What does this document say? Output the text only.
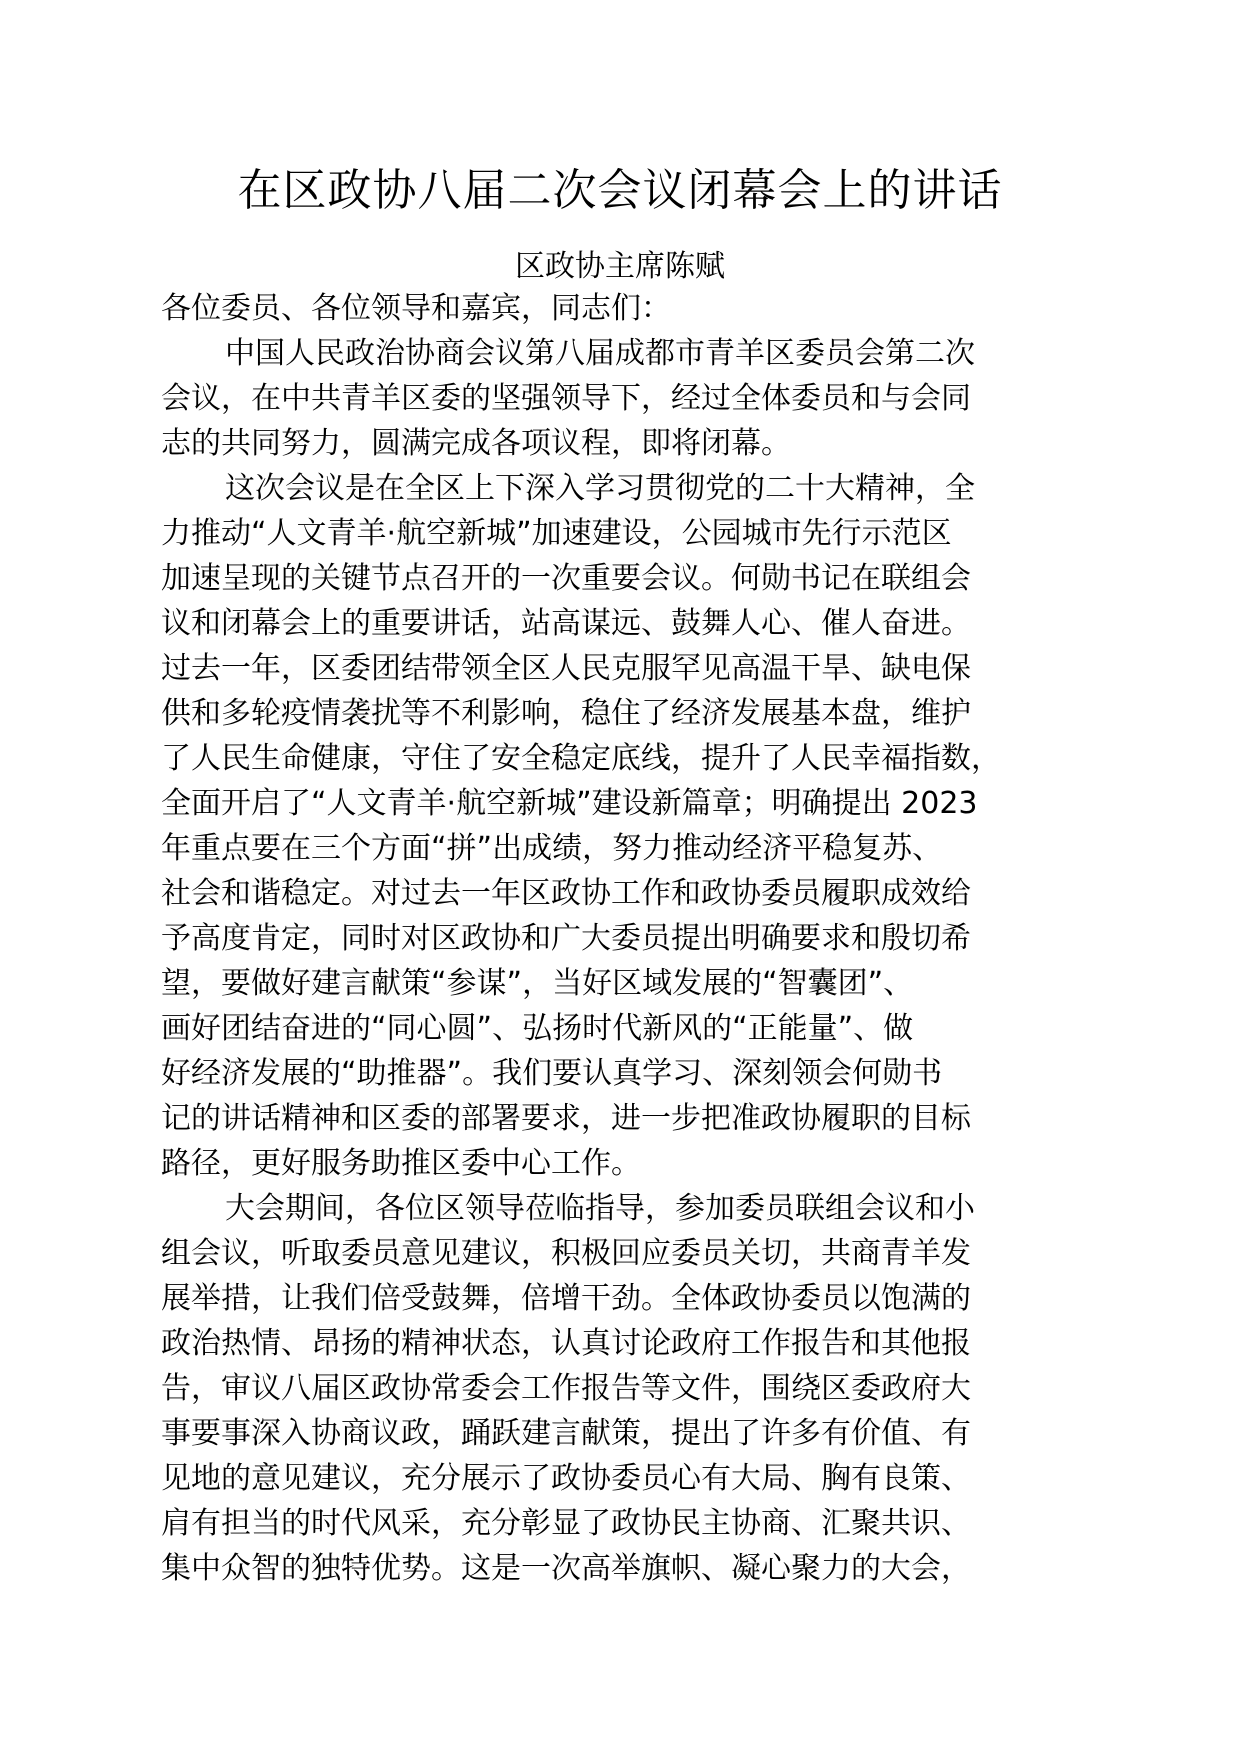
在区政协八届二次会议闭幕会上的讲话
区政协主席陈赋
各位委员、各位领导和嘉宾，同志们：
中国人民政治协商会议第八届成都市青羊区委员会第二次
会议，在中共青羊区委的坚强领导下，经过全体委员和与会同
志的共同努力，圆满完成各项议程，即将闭幕。
这次会议是在全区上下深入学习贯彻党的二十大精神，全
力推动“人文青羊·航空新城”加速建设，公园城市先行示范区
加速呈现的关键节点召开的一次重要会议。何勋书记在联组会
议和闭幕会上的重要讲话，站高谋远、鼓舞人心、催人奋进。
过去一年，区委团结带领全区人民克服罕见高温干旱、缺电保
供和多轮疫情袭扰等不利影响，稳住了经济发展基本盘，维护
了人民生命健康，守住了安全稳定底线，提升了人民幸福指数，
全面开启了“人文青羊·航空新城”建设新篇章；明确提出 2023
年重点要在三个方面“拼”出成绩，努力推动经济平稳复苏、
社会和谐稳定。对过去一年区政协工作和政协委员履职成效给
予高度肯定，同时对区政协和广大委员提出明确要求和殷切希
望，要做好建言献策“参谋”，当好区域发展的“智囊团”、
画好团结奋进的“同心圆”、弘扬时代新风的“正能量”、做
好经济发展的“助推器”。我们要认真学习、深刻领会何勋书
记的讲话精神和区委的部署要求，进一步把准政协履职的目标
路径，更好服务助推区委中心工作。
大会期间，各位区领导莅临指导，参加委员联组会议和小
组会议，听取委员意见建议，积极回应委员关切，共商青羊发
展举措，让我们倍受鼓舞，倍增干劲。全体政协委员以饱满的
政治热情、昂扬的精神状态，认真讨论政府工作报告和其他报
告，审议八届区政协常委会工作报告等文件，围绕区委政府大
事要事深入协商议政，踊跃建言献策，提出了许多有价值、有
见地的意见建议，充分展示了政协委员心有大局、胸有良策、
肩有担当的时代风采，充分彰显了政协民主协商、汇聚共识、
集中众智的独特优势。这是一次高举旗帜、凝心聚力的大会，
